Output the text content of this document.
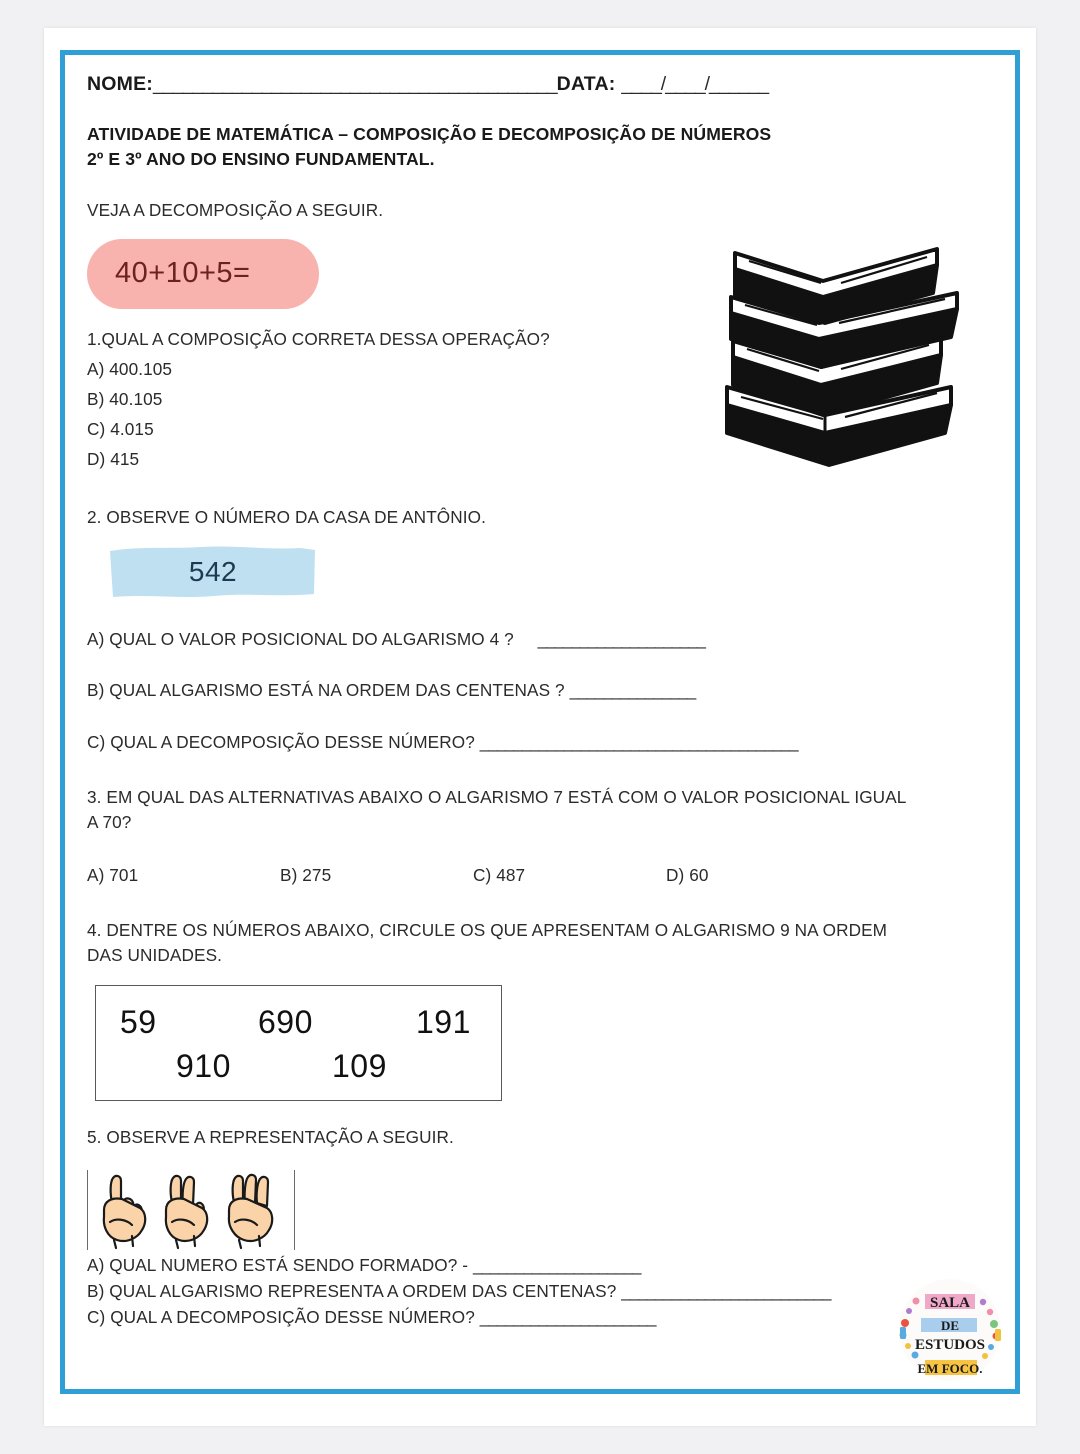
NOME: _________________________________________ DATA: ____/____/______
ATIVIDADE DE MATEMÁTICA – COMPOSIÇÃO E DECOMPOSIÇÃO DE NÚMEROS
2º E 3º ANO DO ENSINO FUNDAMENTAL.
VEJA A DECOMPOSIÇÃO A SEGUIR.
40+10+5=
1.QUAL A COMPOSIÇÃO CORRETA DESSA OPERAÇÃO?
A) 400.105
B) 40.105
C) 4.015
D) 415
2. OBSERVE O NÚMERO DA CASA DE ANTÔNIO.
542
A) QUAL O VALOR POSICIONAL DO ALGARISMO 4 ? ____________________
B) QUAL ALGARISMO ESTÁ NA ORDEM DAS CENTENAS ? _______________
C) QUAL A DECOMPOSIÇÃO DESSE NÚMERO? ______________________________________
3. EM QUAL DAS ALTERNATIVAS ABAIXO O ALGARISMO 7 ESTÁ COM O VALOR POSICIONAL IGUAL
A 70?
A) 701	B) 275	C) 487	D) 60
4. DENTRE OS NÚMEROS ABAIXO, CIRCULE OS QUE APRESENTAM O ALGARISMO 9 NA ORDEM
DAS UNIDADES.
59	690	191
910	109
5. OBSERVE A REPRESENTAÇÃO A SEGUIR.
A) QUAL NUMERO ESTÁ SENDO FORMADO? - ____________________
B) QUAL ALGARISMO REPRESENTA A ORDEM DAS CENTENAS? _________________________
C) QUAL A DECOMPOSIÇÃO DESSE NÚMERO? _____________________
SALA
DE
ESTUDOS
EM FOCO.
